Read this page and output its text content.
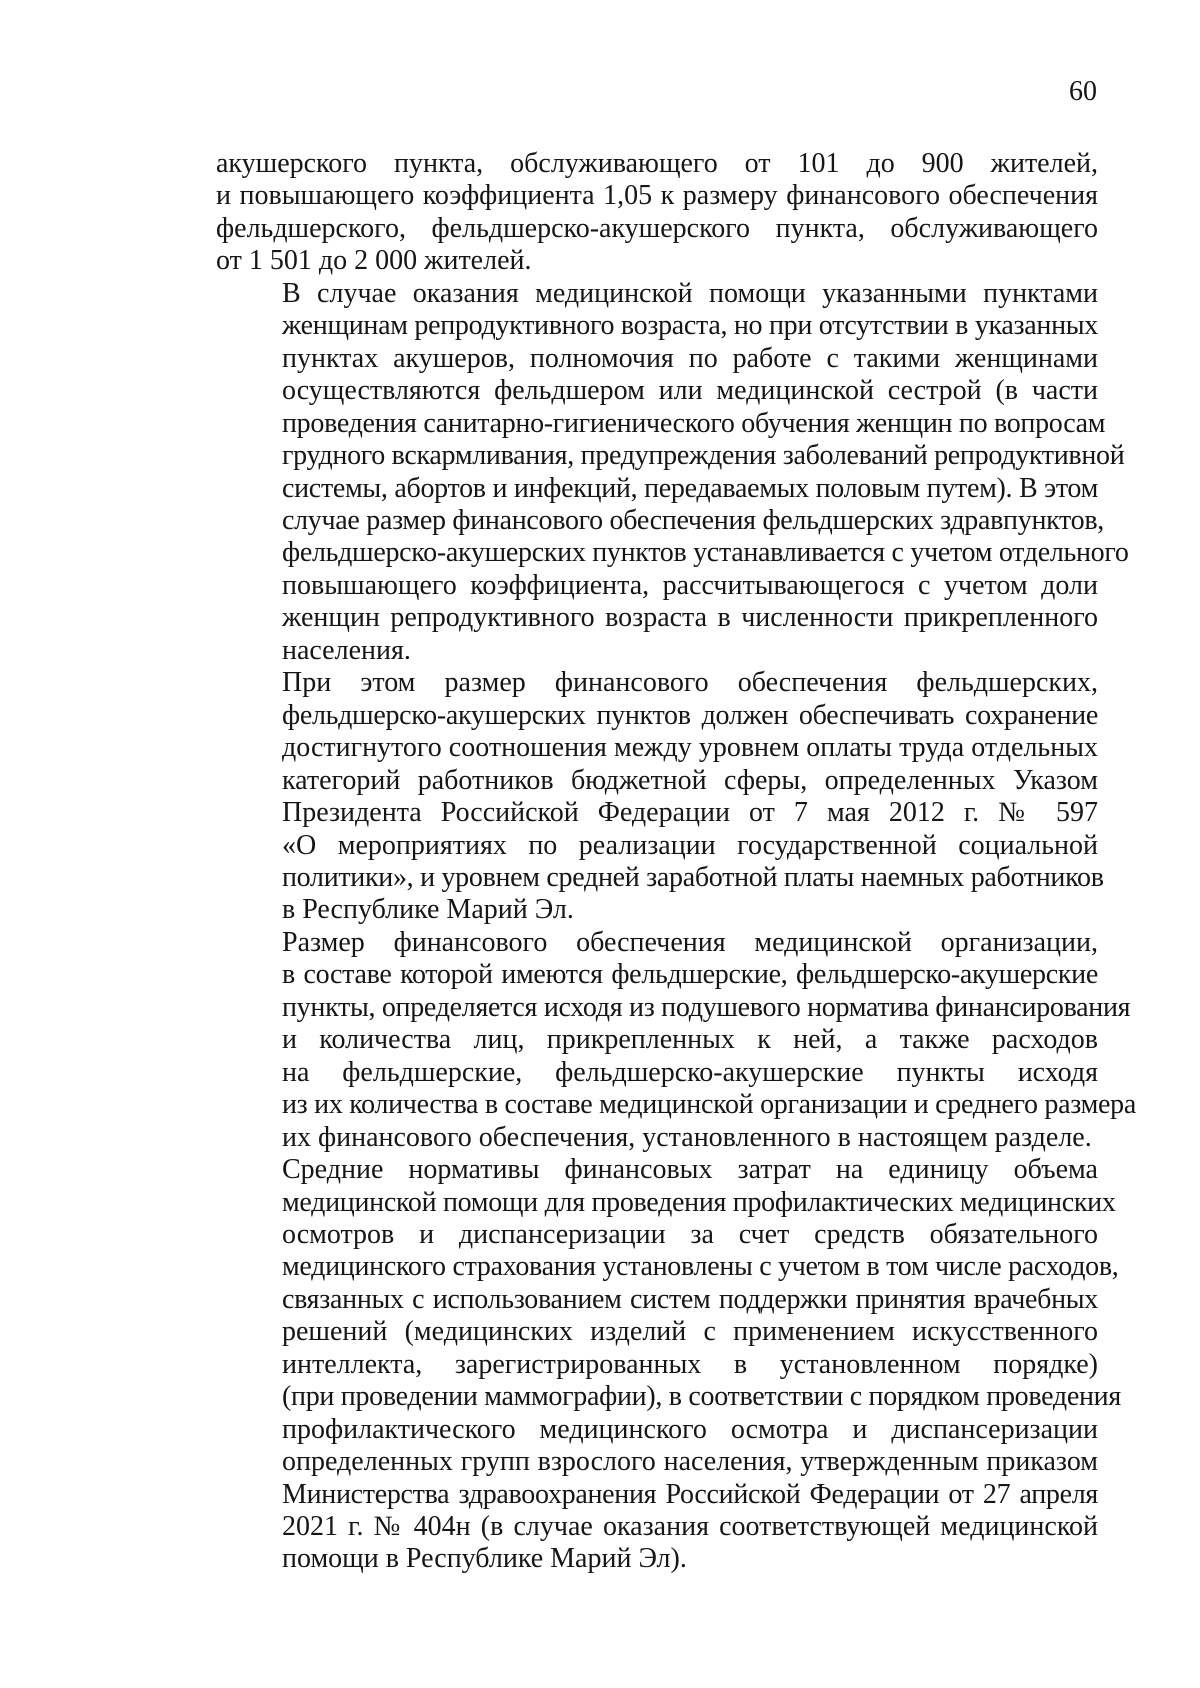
60

акушерского пункта, обслуживающего от 101 до 900 жителей,
и повышающего коэффициента 1,05 к размеру финансового обеспечения
фельдшерского, фельдшерско-акушерского пункта, обслуживающего
от 1 501 до 2 000 жителей.

В случае оказания медицинской помощи указанными пунктами
женщинам репродуктивного возраста, но при отсутствии в указанных
пунктах акушеров, полномочия по работе с такими женщинами
осуществляются фельдшером или медицинской сестрой (в части
проведения санитарно-гигиенического обучения женщин по вопросам
грудного вскармливания, предупреждения заболеваний репродуктивной
системы, абортов и инфекций, передаваемых половым путем). В этом
случае размер финансового обеспечения фельдшерских здравпунктов,
фельдшерско-акушерских пунктов устанавливается с учетом отдельного
повышающего коэффициента, рассчитывающегося с учетом доли
женщин репродуктивного возраста в численности прикрепленного
населения.

При этом размер финансового обеспечения фельдшерских,
фельдшерско-акушерских пунктов должен обеспечивать сохранение
достигнутого соотношения между уровнем оплаты труда отдельных
категорий работников бюджетной сферы, определенных Указом
Президента Российской Федерации от 7 мая 2012 г. № 597
«О мероприятиях по реализации государственной социальной
политики», и уровнем средней заработной платы наемных работников
в Республике Марий Эл.

Размер финансового обеспечения медицинской организации,
в составе которой имеются фельдшерские, фельдшерско-акушерские
пункты, определяется исходя из подушевого норматива финансирования
и количества лиц, прикрепленных к ней, а также расходов
на фельдшерские, фельдшерско-акушерские пункты исходя
из их количества в составе медицинской организации и среднего размера
их финансового обеспечения, установленного в настоящем разделе.

Средние нормативы финансовых затрат на единицу объема
медицинской помощи для проведения профилактических медицинских
осмотров и диспансеризации за счет средств обязательного
медицинского страхования установлены с учетом в том числе расходов,
связанных с использованием систем поддержки принятия врачебных
решений (медицинских изделий с применением искусственного
интеллекта, зарегистрированных в установленном порядке)
(при проведении маммографии), в соответствии с порядком проведения
профилактического медицинского осмотра и диспансеризации
определенных групп взрослого населения, утвержденным приказом
Министерства здравоохранения Российской Федерации от 27 апреля
2021 г. № 404н (в случае оказания соответствующей медицинской
помощи в Республике Марий Эл).
